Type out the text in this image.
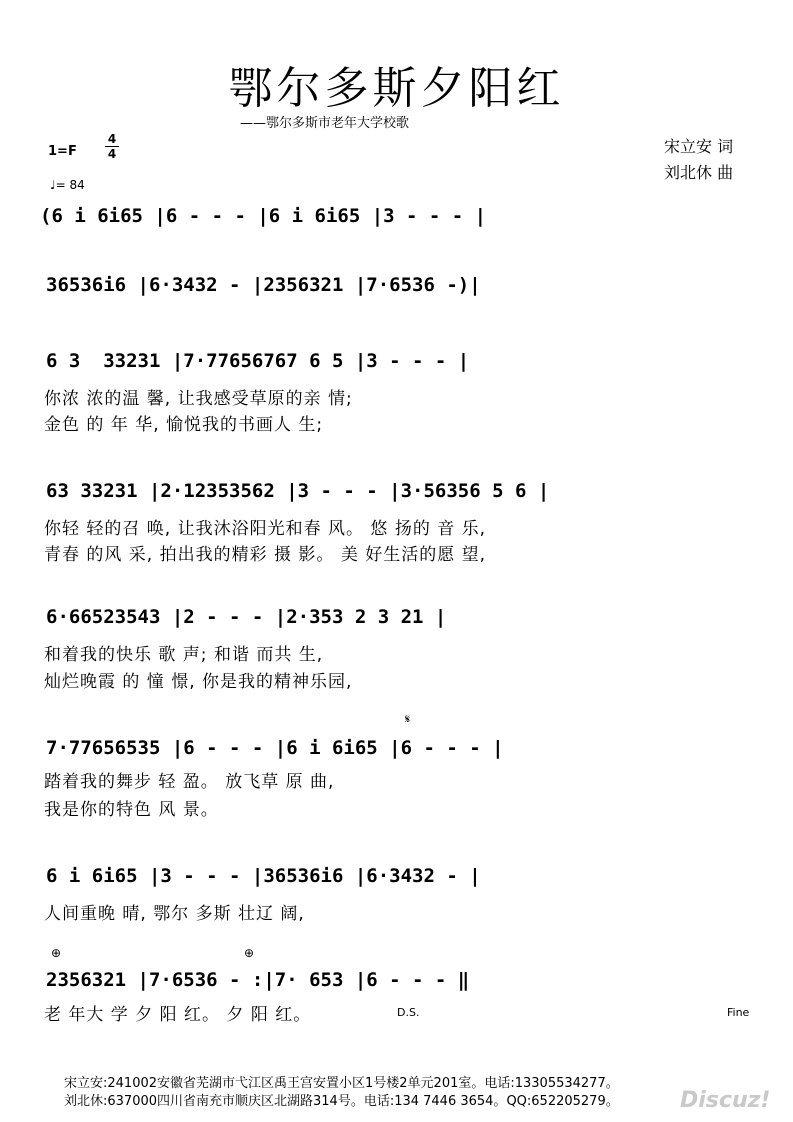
鄂尔多斯夕阳红
——鄂尔多斯市老年大学校歌
宋立安 词
刘北休 曲
1=F
4
4
♩= 84
(6 i 6i65 |6 - - - |6 i 6i65 |3 - - - |
36536i6 |6·3432 - |2356321 |7·6536 -)|
6 3  33231 |7·77656767 6 5 |3 - - - |
你浓 浓的温 馨, 让我感受草原的亲 情;
金色 的 年 华, 愉悦我的书画人 生;
63 33231 |2·12353562 |3 - - - |3·56356 5 6 |
你轻 轻的召 唤, 让我沐浴阳光和春 风。 悠 扬的 音 乐,
青春 的风 采, 拍出我的精彩 摄 影。 美 好生活的愿 望,
6·66523543 |2 - - - |2·353 2 3 21 |
和着我的快乐 歌 声; 和谐 而共 生,
灿烂晚霞 的 憧 憬, 你是我的精神乐园,
𝄋
7·77656535 |6 - - - |6 i 6i65 |6 - - - |
踏着我的舞步 轻 盈。 放飞草 原 曲,
我是你的特色 风 景。
6 i 6i65 |3 - - - |36536i6 |6·3432 - |
人间重晚 晴, 鄂尔 多斯 壮辽 阔,
⊕	⊕
2356321 |7·6536 - :|7· 653 |6 - - - ‖
老 年大 学 夕 阳 红。 夕 阳 红。	D.S.	Fine
宋立安:241002安徽省芜湖市弋江区禹王宫安置小区1号楼2单元201室。电话:13305534277。
刘北休:637000四川省南充市顺庆区北湖路314号。电话:134 7446 3654。QQ:652205279。	Discuz!
